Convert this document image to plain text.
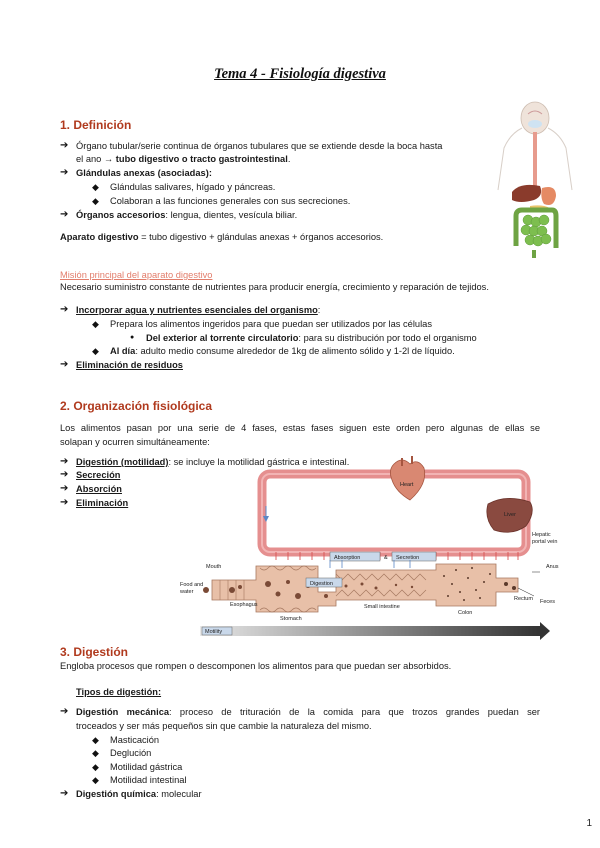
Tema 4 - Fisiología digestiva
1. Definición
➔ Órgano tubular/serie continua de órganos tubulares que se extiende desde la boca hasta
el ano → tubo digestivo o tracto gastrointestinal.
➔ Glándulas anexas (asociadas):
◆ Glándulas salivares, hígado y páncreas.
◆ Colaboran a las funciones generales con sus secreciones.
➔ Órganos accesorios: lengua, dientes, vesícula biliar.
Aparato digestivo = tubo digestivo + glándulas anexas + órganos accesorios.
Misión principal del aparato digestivo
Necesario suministro constante de nutrientes para producir energía, crecimiento y reparación de tejidos.
➔ Incorporar agua y nutrientes esenciales del organismo:
◆ Prepara los alimentos ingeridos para que puedan ser utilizados por las células
● Del exterior al torrente circulatorio: para su distribución por todo el organismo
◆ Al día: adulto medio consume alrededor de 1kg de alimento sólido y 1-2l de líquido.
➔ Eliminación de residuos
2. Organización fisiológica
Los alimentos pasan por una serie de 4 fases, estas fases siguen este orden pero algunas de ellas se
solapan y ocurren simultáneamente:
➔ Digestión (motilidad): se incluye la motilidad gástrica e intestinal.
➔ Secreción
➔ Absorción
➔ Eliminación
Heart
Liver
Hepatic
portal vein
Absorption	& Secretion
Digestion
Mouth
Food and
water
Esophagus
Stomach
Small intestine
Colon
Rectum
Anus
Feces
Motility
3. Digestión
Engloba procesos que rompen o descomponen los alimentos para que puedan ser absorbidos.
Tipos de digestión:
➔ Digestión mecánica: proceso de trituración de la comida para que trozos grandes puedan ser
troceados y ser más pequeños sin que cambie la naturaleza del mismo.
◆ Masticación
◆ Deglución
◆ Motilidad gástrica
◆ Motilidad intestinal
➔ Digestión química: molecular
1
